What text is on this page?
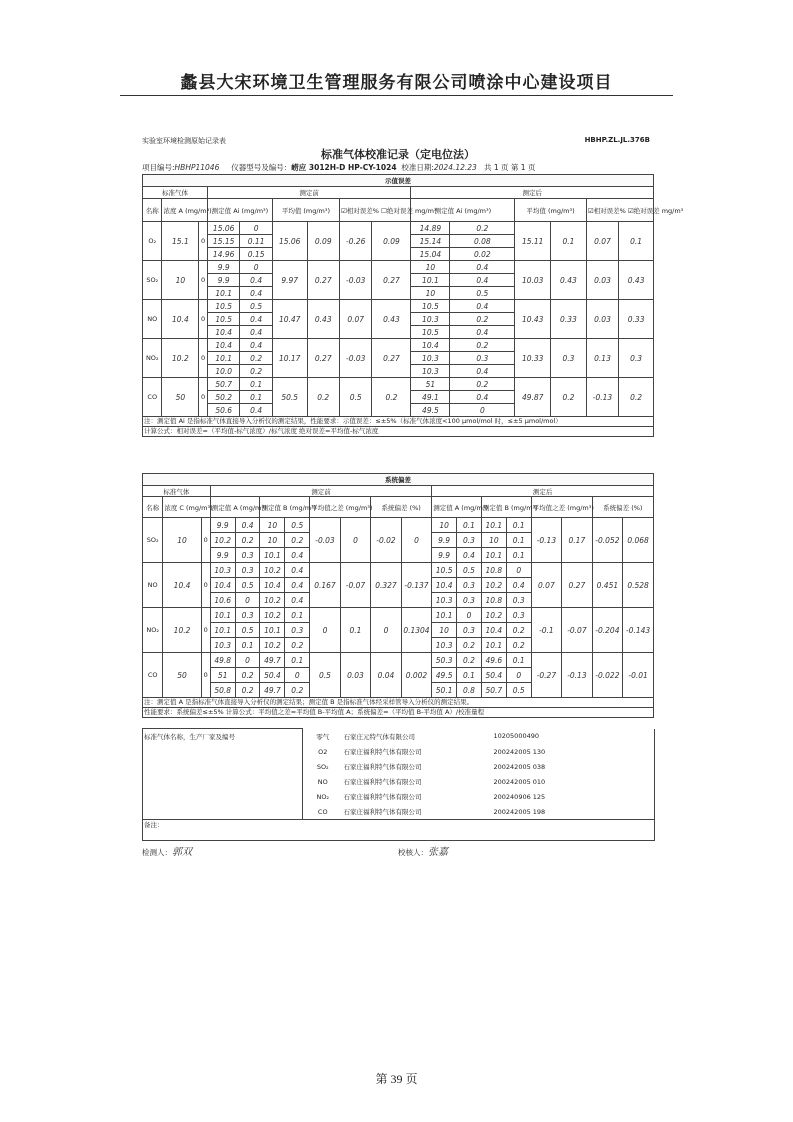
蠡县大宋环境卫生管理服务有限公司喷涂中心建设项目
实验室环境检测原始记录表	HBHP.ZL.JL.376B
标准气体校准记录（定电位法）
项目编号:HBHP11046 仪器型号及编号：崂应 3012H-D HP-CY-1024 校准日期:2024.12.23 共 1 页 第 1 页
示值误差														
标准气体			测定前						测定后					
名称	浓度 A (mg/m³)		测定值 Ai (mg/m³)		平均值 (mg/m³)		☑相对误差% ☐绝对误差 mg/m³		测定值 Ai (mg/m³)		平均值 (mg/m³)		☑相对误差% ☑绝对误差 mg/m³	
O₂	15.1	0	15.06	0	15.06	0.09	-0.26	0.09	14.89	0.2	15.11	0.1	0.07	0.1
			15.15	0.11					15.14	0.08				
			14.96	0.15					15.04	0.02				
SO₂	10	0	9.9	0	9.97	0.27	-0.03	0.27	10	0.4	10.03	0.43	0.03	0.43
			9.9	0.4					10.1	0.4				
			10.1	0.4					10	0.5				
NO	10.4	0	10.5	0.5	10.47	0.43	0.07	0.43	10.5	0.4	10.43	0.33	0.03	0.33
			10.5	0.4					10.3	0.2				
			10.4	0.4					10.5	0.4				
NO₂	10.2	0	10.4	0.4	10.17	0.27	-0.03	0.27	10.4	0.2	10.33	0.3	0.13	0.3
			10.1	0.2					10.3	0.3				
			10.0	0.2					10.3	0.4				
CO	50	0	50.7	0.1	50.5	0.2	0.5	0.2	51	0.2	49.87	0.2	-0.13	0.2
			50.2	0.1					49.1	0.4				
			50.6	0.4					49.5	0				
注：测定值 Ai 是指标准气体直接导入分析仪的测定结果，性能要求：示值误差：≤±5%（标准气体浓度<100 μmol/mol 时，≤±5 μmol/mol）														
计算公式：相对误差=（平均值-标气浓度）/标气浓度 绝对误差=平均值-标气浓度														
系统偏差																		
标准气体			测定前								测定后							
名称	浓度 C (mg/m³)		测定值 A (mg/m³)		测定值 B (mg/m³)		平均值之差 (mg/m³)		系统偏差 (%)		测定值 A (mg/m³)		测定值 B (mg/m³)		平均值之差 (mg/m³)		系统偏差 (%)	
SO₂	10	0	9.9	0.4	10	0.5	-0.03	0	-0.02	0	10	0.1	10.1	0.1	-0.13	0.17	-0.052	0.068
			10.2	0.2	10	0.2					9.9	0.3	10	0.1				
			9.9	0.3	10.1	0.4					9.9	0.4	10.1	0.1				
NO	10.4	0	10.3	0.3	10.2	0.4	0.167	-0.07	0.327	-0.137	10.5	0.5	10.8	0	0.07	0.27	0.451	0.528
			10.4	0.5	10.4	0.4					10.4	0.3	10.2	0.4				
			10.6	0	10.2	0.4					10.3	0.3	10.8	0.3				
NO₂	10.2	0	10.1	0.3	10.2	0.1	0	0.1	0	0.1304	10.1	0	10.2	0.3	-0.1	-0.07	-0.204	-0.143
			10.1	0.5	10.1	0.3					10	0.3	10.4	0.2				
			10.3	0.1	10.2	0.2					10.3	0.2	10.1	0.2				
CO	50	0	49.8	0	49.7	0.1	0.5	0.03	0.04	0.002	50.3	0.2	49.6	0.1	-0.27	-0.13	-0.022	-0.01
			51	0.2	50.4	0					49.5	0.1	50.4	0				
			50.8	0.2	49.7	0.2					50.1	0.8	50.7	0.5				
注：测定值 A 是指标准气体直接导入分析仪的测定结果；测定值 B 是指标准气体经采样管导入分析仪的测定结果。																		
性能要求：系统偏差≤±5% 计算公式：平均值之差=平均值 B-平均值 A；系统偏差=（平均值 B-平均值 A）/校准量程																		
标准气体名称，生产厂家及编号	零气	石家庄元特气体有限公司	10205000490
	O2	石家庄福利特气体有限公司	200242005 130
	SO₂	石家庄福利特气体有限公司	200242005 038
	NO	石家庄福利特气体有限公司	200242005 010
	NO₂	石家庄福利特气体有限公司	200240906 125
	CO	石家庄福利特气体有限公司	200242005 198
备注：			
检测人：郭双	校核人：张嘉
第 39 页
